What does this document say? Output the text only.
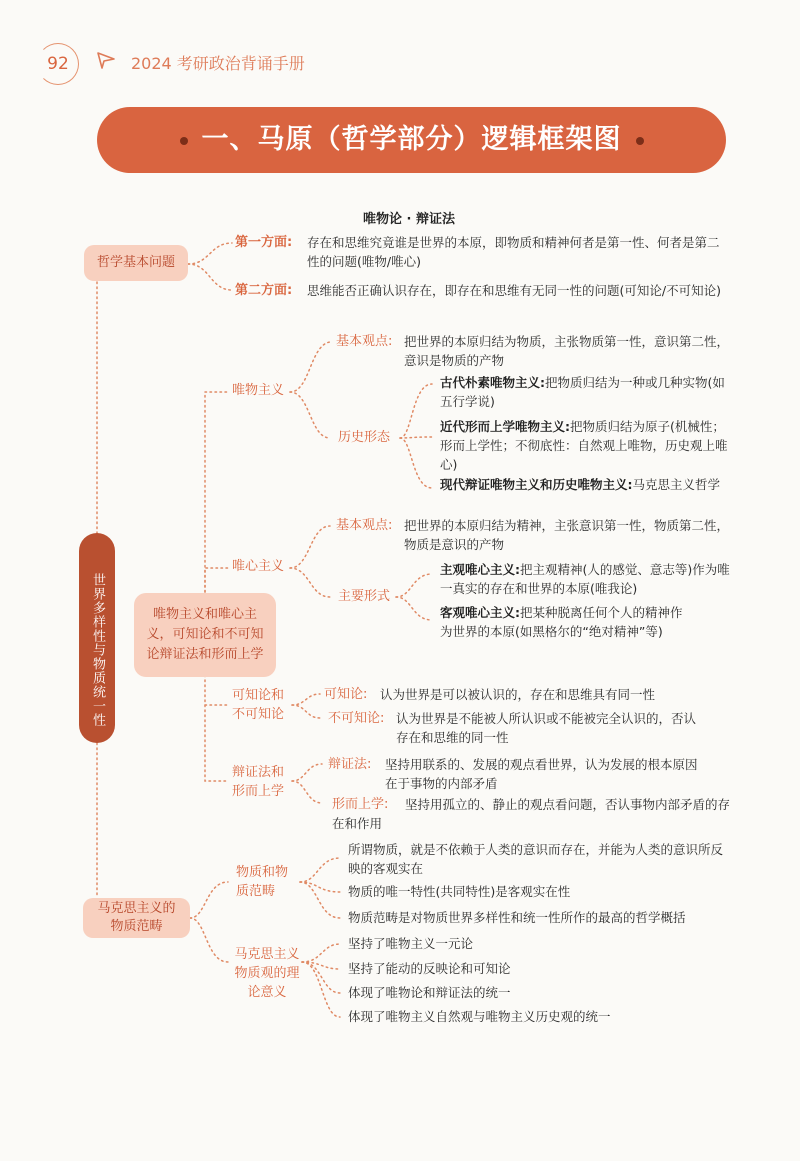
92	2024 考研政治背诵手册
一、马原（哲学部分）逻辑框架图
唯物论 · 辩证法
哲学基本问题
第一方面: 存在和思维究竟谁是世界的本原，即物质和精神何者是第一性、何者是第二性的问题(唯物/唯心)
第二方面: 思维能否正确认识存在，即存在和思维有无同一性的问题(可知论/不可知论)
世界多样性与物质统一性	唯物主义和唯心主义，可知论和不可知论辩证法和形而上学
唯物主义
基本观点: 把世界的本原归结为物质，主张物质第一性，意识第二性，意识是物质的产物
历史形态
古代朴素唯物主义:把物质归结为一种或几种实物(如五行学说)
近代形而上学唯物主义:把物质归结为原子(机械性；形而上学性；不彻底性：自然观上唯物，历史观上唯心)
现代辩证唯物主义和历史唯物主义:马克思主义哲学
唯心主义
基本观点: 把世界的本原归结为精神，主张意识第一性，物质第二性，物质是意识的产物
主要形式
主观唯心主义:把主观精神(人的感觉、意志等)作为唯一真实的存在和世界的本原(唯我论)
客观唯心主义:把某种脱离任何个人的精神作为世界的本原(如黑格尔的“绝对精神”等)
可知论和不可知论
可知论: 认为世界是可以被认识的，存在和思维具有同一性
不可知论: 认为世界是不能被人所认识或不能被完全认识的，否认存在和思维的同一性
辩证法和形而上学
辩证法: 坚持用联系的、发展的观点看世界，认为发展的根本原因在于事物的内部矛盾
形而上学:	坚持用孤立的、静止的观点看问题，否认事物内部矛盾的存在和作用
马克思主义的物质范畴
物质和物质范畴
所谓物质，就是不依赖于人类的意识而存在，并能为人类的意识所反映的客观实在
物质的唯一特性(共同特性)是客观实在性
物质范畴是对物质世界多样性和统一性所作的最高的哲学概括
马克思主义物质观的理论意义
坚持了唯物主义一元论
坚持了能动的反映论和可知论
体现了唯物论和辩证法的统一
体现了唯物主义自然观与唯物主义历史观的统一
